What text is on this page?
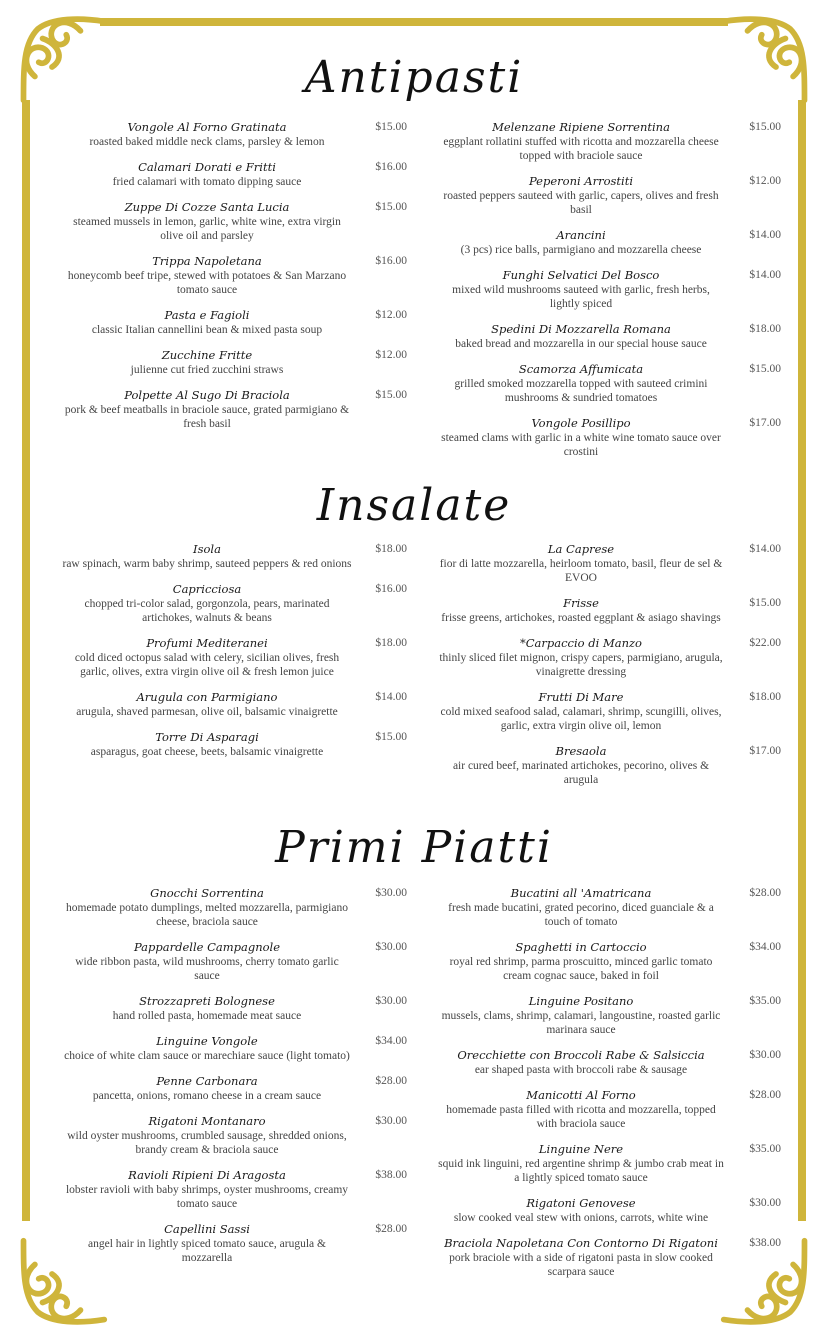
Antipasti
Vongole Al Forno Gratinata
roasted baked middle neck clams, parsley & lemon
$15.00
Calamari Dorati e Fritti
fried calamari with tomato dipping sauce
$16.00
Zuppe Di Cozze Santa Lucia
steamed mussels in lemon, garlic, white wine, extra virgin olive oil and parsley
$15.00
Trippa Napoletana
honeycomb beef tripe, stewed with potatoes & San Marzano tomato sauce
$16.00
Pasta e Fagioli
classic Italian cannellini bean & mixed pasta soup
$12.00
Zucchine Fritte
julienne cut fried zucchini straws
$12.00
Polpette Al Sugo Di Braciola
pork & beef meatballs in braciole sauce, grated parmigiano & fresh basil
$15.00
Melenzane Ripiene Sorrentina
eggplant rollatini stuffed with ricotta and mozzarella cheese topped with braciole sauce
$15.00
Peperoni Arrostiti
roasted peppers sauteed with garlic, capers, olives and fresh basil
$12.00
Arancini
(3 pcs) rice balls, parmigiano and mozzarella cheese
$14.00
Funghi Selvatici Del Bosco
mixed wild mushrooms sauteed with garlic, fresh herbs, lightly spiced
$14.00
Spedini Di Mozzarella Romana
baked bread and mozzarella in our special house sauce
$18.00
Scamorza Affumicata
grilled smoked mozzarella topped with sauteed crimini mushrooms & sundried tomatoes
$15.00
Vongole Posillipo
steamed clams with garlic in a white wine tomato sauce over crostini
$17.00
Insalate
Isola
raw spinach, warm baby shrimp, sauteed peppers & red onions
$18.00
Capricciosa
chopped tri-color salad, gorgonzola, pears, marinated artichokes, walnuts & beans
$16.00
Profumi Mediteranei
cold diced octopus salad with celery, sicilian olives, fresh garlic, olives, extra virgin olive oil & fresh lemon juice
$18.00
Arugula con Parmigiano
arugula, shaved parmesan, olive oil, balsamic vinaigrette
$14.00
Torre Di Asparagi
asparagus, goat cheese, beets, balsamic vinaigrette
$15.00
La Caprese
fior di latte mozzarella, heirloom tomato, basil, fleur de sel & EVOO
$14.00
Frisse
frisse greens, artichokes, roasted eggplant & asiago shavings
$15.00
*Carpaccio di Manzo
thinly sliced filet mignon, crispy capers, parmigiano, arugula, vinaigrette dressing
$22.00
Frutti Di Mare
cold mixed seafood salad, calamari, shrimp, scungilli, olives, garlic, extra virgin olive oil, lemon
$18.00
Bresaola
air cured beef, marinated artichokes, pecorino, olives & arugula
$17.00
Primi Piatti
Gnocchi Sorrentina
homemade potato dumplings, melted mozzarella, parmigiano cheese, braciola sauce
$30.00
Pappardelle Campagnole
wide ribbon pasta, wild mushrooms, cherry tomato garlic sauce
$30.00
Strozzapreti Bolognese
hand rolled pasta, homemade meat sauce
$30.00
Linguine Vongole
choice of white clam sauce or marechiare sauce (light tomato)
$34.00
Penne Carbonara
pancetta, onions, romano cheese in a cream sauce
$28.00
Rigatoni Montanaro
wild oyster mushrooms, crumbled sausage, shredded onions, brandy cream & braciola sauce
$30.00
Ravioli Ripieni Di Aragosta
lobster ravioli with baby shrimps, oyster mushrooms, creamy tomato sauce
$38.00
Capellini Sassi
angel hair in lightly spiced tomato sauce, arugula & mozzarella
$28.00
Bucatini all 'Amatricana
fresh made bucatini, grated pecorino, diced guanciale & a touch of tomato
$28.00
Spaghetti in Cartoccio
royal red shrimp, parma proscuitto, minced garlic tomato cream cognac sauce, baked in foil
$34.00
Linguine Positano
mussels, clams, shrimp, calamari, langoustine, roasted garlic marinara sauce
$35.00
Orecchiette con Broccoli Rabe & Salsiccia
ear shaped pasta with broccoli rabe & sausage
$30.00
Manicotti Al Forno
homemade pasta filled with ricotta and mozzarella, topped with braciola sauce
$28.00
Linguine Nere
squid ink linguini, red argentine shrimp & jumbo crab meat in a lightly spiced tomato sauce
$35.00
Rigatoni Genovese
slow cooked veal stew with onions, carrots, white wine
$30.00
Braciola Napoletana Con Contorno Di Rigatoni
pork braciole with a side of rigatoni pasta in slow cooked scarpara sauce
$38.00
